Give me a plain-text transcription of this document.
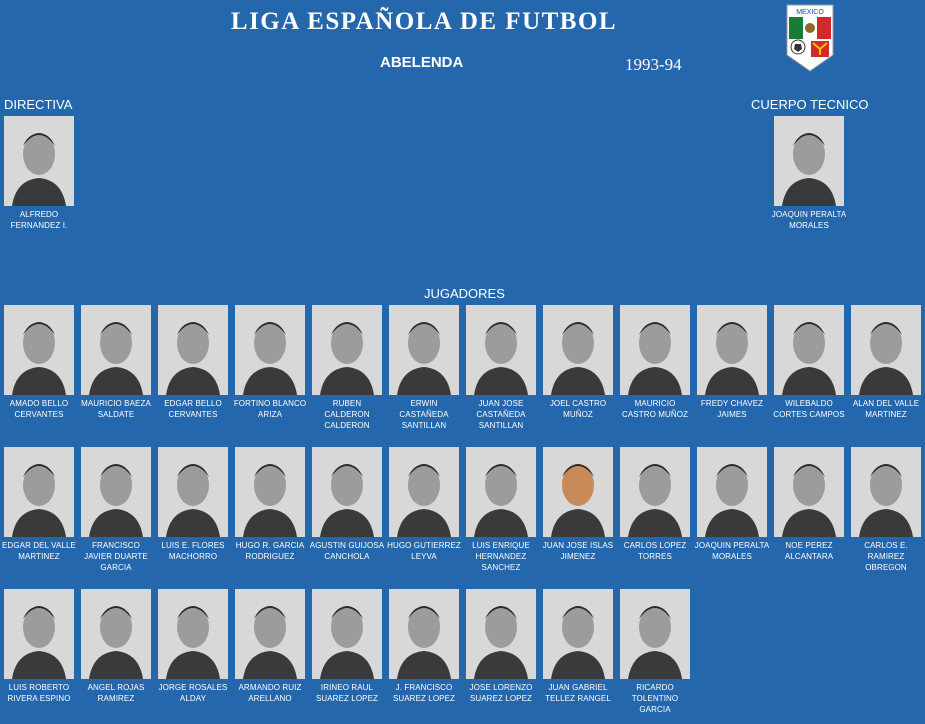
LIGA ESPAÑOLA DE FUTBOL
ABELENDA	1993-94
MEXICO
DIRECTIVA	CUERPO TECNICO
JUGADORES
ALFREDO FERNANDEZ I.
JOAQUIN PERALTA MORALES
AMADO BELLO CERVANTES
MAURICIO BAEZA SALDATE
EDGAR BELLO CERVANTES
FORTINO BLANCO ARIZA
RUBEN CALDERON CALDERON
ERWIN CASTAÑEDA SANTILLAN
JUAN JOSE CASTAÑEDA SANTILLAN
JOEL CASTRO MUÑOZ
MAURICIO CASTRO MUÑOZ
FREDY CHAVEZ JAIMES
WILEBALDO CORTES CAMPOS
ALAN DEL VALLE MARTINEZ
EDGAR DEL VALLE MARTINEZ
FRANCISCO JAVIER DUARTE GARCIA
LUIS E. FLORES MACHORRO
HUGO R. GARCIA RODRIGUEZ
AGUSTIN GUIJOSA CANCHOLA
HUGO GUTIERREZ LEYVA
LUIS ENRIQUE HERNANDEZ SANCHEZ
JUAN JOSE ISLAS JIMENEZ
CARLOS LOPEZ TORRES
JOAQUIN PERALTA MORALES
NOE PEREZ ALCANTARA
CARLOS E. RAMIREZ OBREGON
LUIS ROBERTO RIVERA ESPINO
ANGEL ROJAS RAMIREZ
JORGE ROSALES ALDAY
ARMANDO RUIZ ARELLANO
IRINEO RAUL SUAREZ LOPEZ
J. FRANCISCO SUAREZ LOPEZ
JOSE LORENZO SUAREZ LOPEZ
JUAN GABRIEL TELLEZ RANGEL
RICARDO TOLENTINO GARCIA
